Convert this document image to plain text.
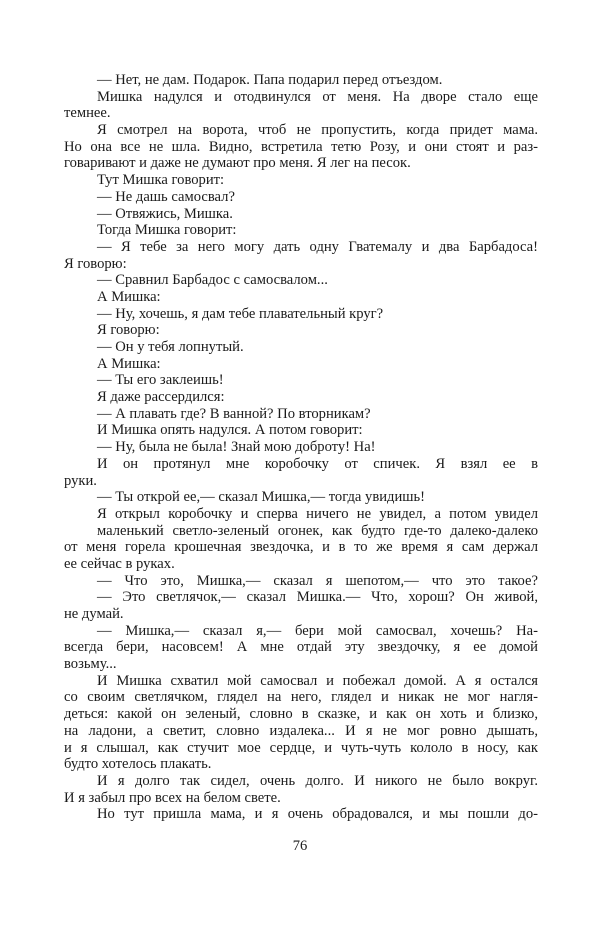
— Нет, не дам. Подарок. Папа подарил перед отъездом.
Мишка надулся и отодвинулся от меня. На дворе стало еще
темнее.
Я смотрел на ворота, чтоб не пропустить, когда придет мама.
Но она все не шла. Видно, встретила тетю Розу, и они стоят и раз-
говаривают и даже не думают про меня. Я лег на песок.
Тут Мишка говорит:
— Не дашь самосвал?
— Отвяжись, Мишка.
Тогда Мишка говорит:
— Я тебе за него могу дать одну Гватемалу и два Барбадоса!
Я говорю:
— Сравнил Барбадос с самосвалом...
А Мишка:
— Ну, хочешь, я дам тебе плавательный круг?
Я говорю:
— Он у тебя лопнутый.
А Мишка:
— Ты его заклеишь!
Я даже рассердился:
— А плавать где? В ванной? По вторникам?
И Мишка опять надулся. А потом говорит:
— Ну, была не была! Знай мою доброту! На!
И он протянул мне коробочку от спичек. Я взял ее в
руки.
— Ты открой ее,— сказал Мишка,— тогда увидишь!
Я открыл коробочку и сперва ничего не увидел, а потом увидел
маленький светло-зеленый огонек, как будто где-то далеко-далеко
от меня горела крошечная звездочка, и в то же время я сам держал
ее сейчас в руках.
— Что это, Мишка,— сказал я шепотом,— что это такое?
— Это светлячок,— сказал Мишка.— Что, хорош? Он живой,
не думай.
— Мишка,— сказал я,— бери мой самосвал, хочешь? На-
всегда бери, насовсем! А мне отдай эту звездочку, я ее домой
возьму...
И Мишка схватил мой самосвал и побежал домой. А я остался
со своим светлячком, глядел на него, глядел и никак не мог нагля-
деться: какой он зеленый, словно в сказке, и как он хоть и близко,
на ладони, а светит, словно издалека... И я не мог ровно дышать,
и я слышал, как стучит мое сердце, и чуть-чуть кололо в носу, как
будто хотелось плакать.
И я долго так сидел, очень долго. И никого не было вокруг.
И я забыл про всех на белом свете.
Но тут пришла мама, и я очень обрадовался, и мы пошли до-
76
